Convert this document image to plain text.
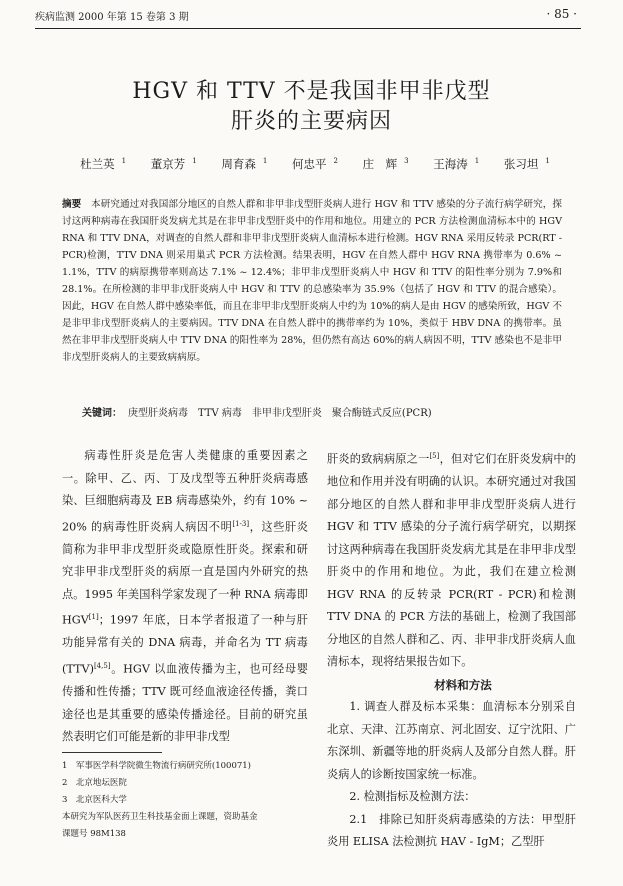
疾病监测 2000 年第 15 卷第 3 期	· 85 ·
HGV 和 TTV 不是我国非甲非戊型
肝炎的主要病因
杜兰英 $^1$ 董京芳 $^1$ 周育森 $^1$ 何忠平 $^2$ 庄　辉 $^3$ 王海涛 $^1$ 张习坦 $^1$
摘要　 本研究通过对我国部分地区的自然人群和非甲非戊型肝炎病人进行 HGV 和 TTV 感染的分子流行病学研究，探讨这两种病毒在我国肝炎发病尤其是在非甲非戊型肝炎中的作用和地位。用建立的 PCR 方法检测血清标本中的 HGV RNA 和 TTV DNA，对调查的自然人群和非甲非戊型肝炎病人血清标本进行检测。HGV RNA 采用反转录 PCR(RT - PCR)检测，TTV DNA 则采用巢式 PCR 方法检测。结果表明，HGV 在自然人群中 HGV RNA 携带率为 0.6% ~ 1.1%，TTV 的病原携带率则高达 7.1% ~ 12.4%；非甲非戊型肝炎病人中 HGV 和 TTV 的阳性率分别为 7.9%和 28.1%。在所检测的非甲非戊肝炎病人中 HGV 和 TTV 的总感染率为 35.9%（包括了 HGV 和 TTV 的混合感染）。因此，HGV 在自然人群中感染率低，而且在非甲非戊型肝炎病人中约为 10%的病人是由 HGV 的感染所致，HGV 不是非甲非戊型肝炎病人的主要病因。TTV DNA 在自然人群中的携带率约为 10%，类似于 HBV DNA 的携带率。虽然在非甲非戊型肝炎病人中 TTV DNA 的阳性率为 28%，但仍然有高达 60%的病人病因不明，TTV 感染也不是非甲非戊型肝炎病人的主要致病病原。
关键词： 庚型肝炎病毒　TTV 病毒　非甲非戊型肝炎　聚合酶链式反应(PCR)

病毒性肝炎是危害人类健康的重要因素之一。除甲、乙、丙、丁及戊型等五种肝炎病毒感染、巨细胞病毒及 EB 病毒感染外，约有 10% ~ 20% 的病毒性肝炎病人病因不明[1-3]，这些肝炎简称为非甲非戊型肝炎或隐原性肝炎。探索和研究非甲非戊型肝炎的病原一直是国内外研究的热点。1995 年美国科学家发现了一种 RNA 病毒即 HGV[1]；1997 年底，日本学者报道了一种与肝功能异常有关的 DNA 病毒，并命名为 TT 病毒(TTV)[4,5]。HGV 以血液传播为主，也可经母婴传播和性传播；TTV 既可经血液途径传播，粪口途径也是其重要的感染传播途径。目前的研究虽然表明它们可能是新的非甲非戊型

肝炎的致病病原之一[5]，但对它们在肝炎发病中的地位和作用并没有明确的认识。本研究通过对我国部分地区的自然人群和非甲非戊型肝炎病人进行 HGV 和 TTV 感染的分子流行病学研究，以期探讨这两种病毒在我国肝炎发病尤其是在非甲非戊型肝炎中的作用和地位。为此，我们在建立检测 HGV RNA 的反转录 PCR(RT - PCR)和检测 TTV DNA 的 PCR 方法的基础上，检测了我国部分地区的自然人群和乙、丙、非甲非戊肝炎病人血清标本，现将结果报告如下。

材料和方法

1. 调查人群及标本采集：血清标本分别采自北京、天津、江苏南京、河北固安、辽宁沈阳、广东深圳、新疆等地的肝炎病人及部分自然人群。肝炎病人的诊断按国家统一标准。

2. 检测指标及检测方法：

2.1　排除已知肝炎病毒感染的方法：甲型肝炎用 ELISA 法检测抗 HAV - IgM；乙型肝

1　军事医学科学院微生物流行病研究所(100071)
2　北京地坛医院
3　北京医科大学
本研究为军队医药卫生科技基金面上课题，资助基金
课题号 98M138
